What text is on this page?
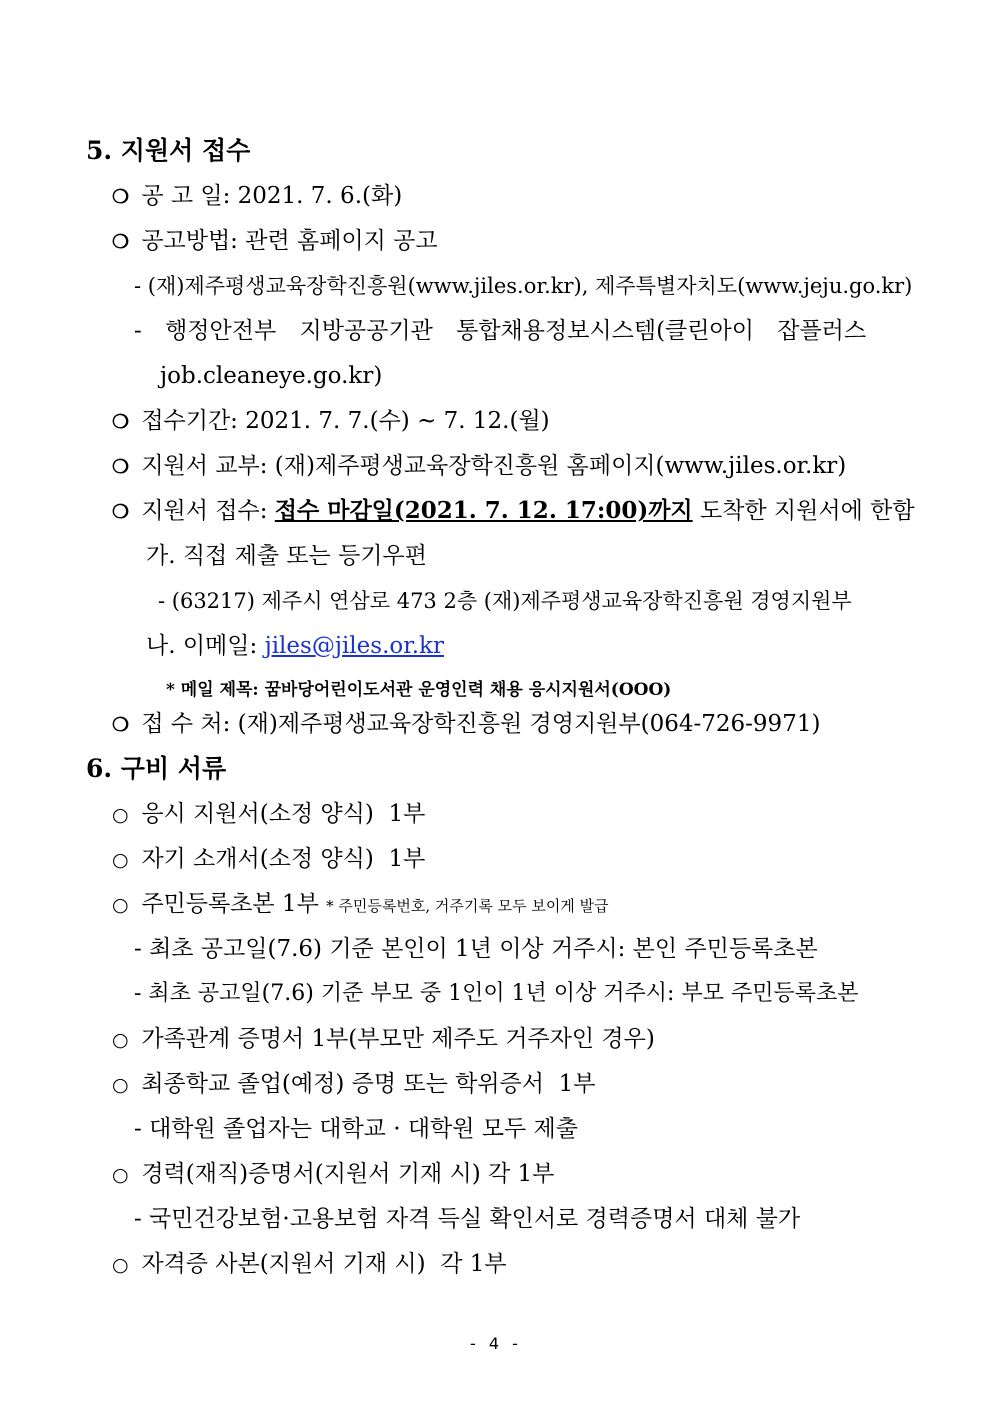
5. 지원서 접수
❍ 공 고 일: 2021. 7. 6.(화)
❍ 공고방법: 관련 홈페이지 공고
- (재)제주평생교육장학진흥원(www.jiles.or.kr), 제주특별자치도(www.jeju.go.kr)
- 행정안전부 지방공공기관 통합채용정보시스템(클린아이 잡플러스
job.cleaneye.go.kr)
❍ 접수기간: 2021. 7. 7.(수) ~ 7. 12.(월)
❍ 지원서 교부: (재)제주평생교육장학진흥원 홈페이지(www.jiles.or.kr)
❍ 지원서 접수: 접수 마감일(2021. 7. 12. 17:00)까지 도착한 지원서에 한함
가. 직접 제출 또는 등기우편
- (63217) 제주시 연삼로 473 2층 (재)제주평생교육장학진흥원 경영지원부
나. 이메일: jiles@jiles.or.kr
* 메일 제목: 꿈바당어린이도서관 운영인력 채용 응시지원서(OOO)
❍ 접 수 처: (재)제주평생교육장학진흥원 경영지원부(064-726-9971)
6. 구비 서류
○ 응시 지원서(소정 양식)  1부
○ 자기 소개서(소정 양식)  1부
○ 주민등록초본 1부 * 주민등록번호, 거주기록 모두 보이게 발급
- 최초 공고일(7.6) 기준 본인이 1년 이상 거주시: 본인 주민등록초본
- 최초 공고일(7.6) 기준 부모 중 1인이 1년 이상 거주시: 부모 주민등록초본
○ 가족관계 증명서 1부(부모만 제주도 거주자인 경우)
○ 최종학교 졸업(예정) 증명 또는 학위증서  1부
- 대학원 졸업자는 대학교 · 대학원 모두 제출
○ 경력(재직)증명서(지원서 기재 시) 각 1부
- 국민건강보험·고용보험 자격 득실 확인서로 경력증명서 대체 불가
○ 자격증 사본(지원서 기재 시)  각 1부
- 4 -
